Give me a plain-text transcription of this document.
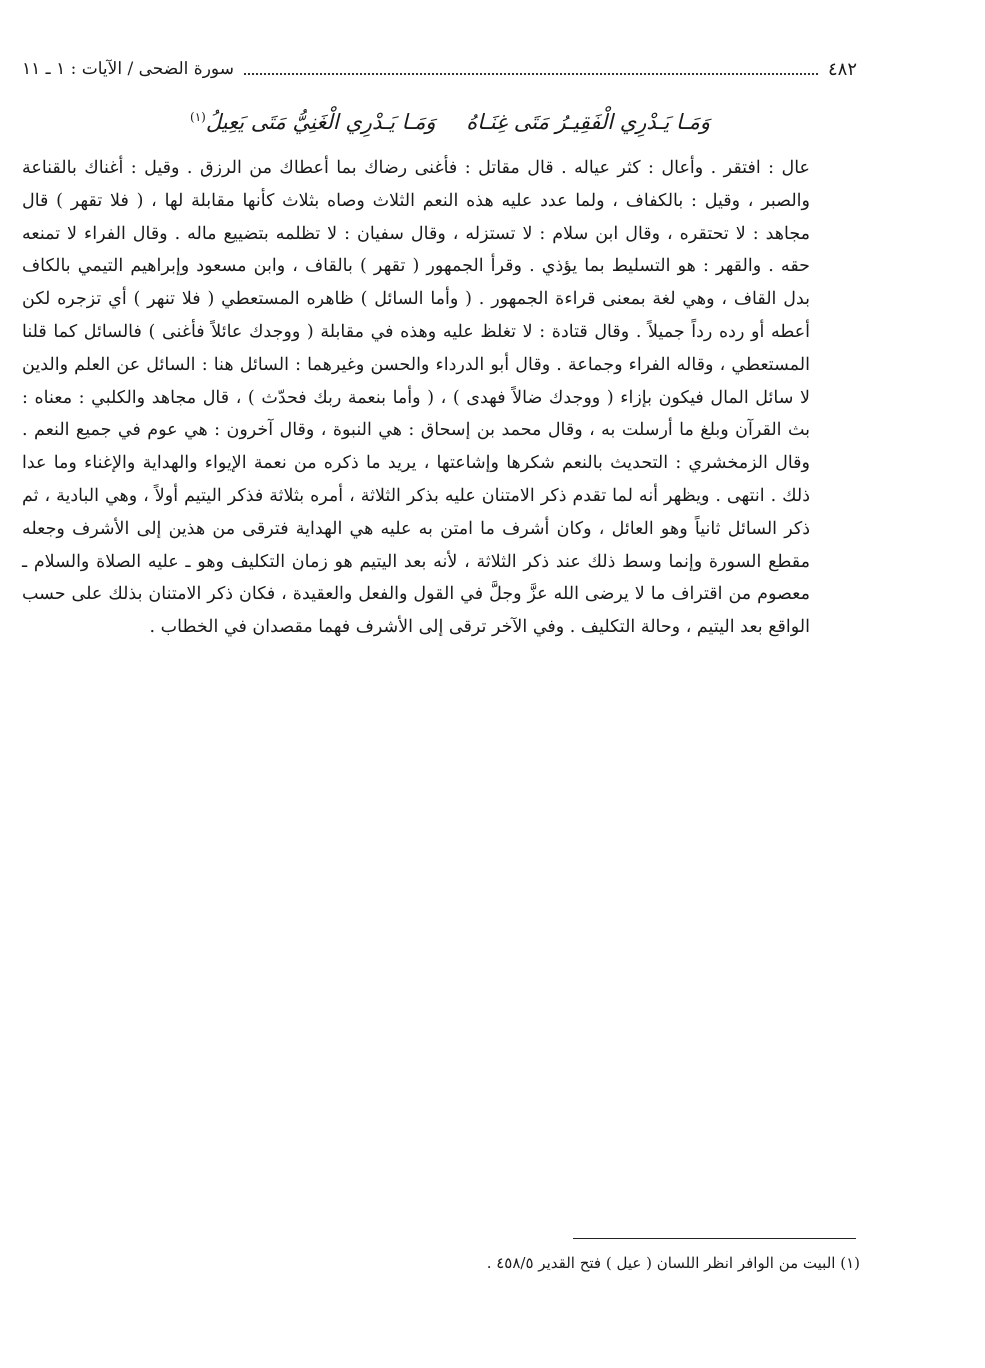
٤٨٢
سورة الضحى / الآيات : ١ ـ ١١
وَمَـا يَـدْرِي الْفَقِيـرُ مَتَى غِنَـاهُ
وَمَـا يَـدْرِي الْغَنِيُّ مَتَى يَعِيلُ$^{(١)}$

عال : افتقر . وأعال : كثر عياله . قال مقاتل : فأغنى رضاك بما أعطاك من الرزق . وقيل : أغناك بالقناعة والصبر ، وقيل : بالكفاف ، ولما عدد عليه هذه النعم الثلاث وصاه بثلاث كأنها مقابلة لها ، ( فلا تقهر ) قال مجاهد : لا تحتقره ، وقال ابن سلام : لا تستزله ، وقال سفيان : لا تظلمه بتضييع ماله . وقال الفراء لا تمنعه حقه . والقهر : هو التسليط بما يؤذي . وقرأ الجمهور ( تقهر ) بالقاف ، وابن مسعود وإبراهيم التيمي بالكاف بدل القاف ، وهي لغة بمعنى قراءة الجمهور . ( وأما السائل ) ظاهره المستعطي ( فلا تنهر ) أي تزجره لكن أعطه أو رده رداً جميلاً . وقال قتادة : لا تغلظ عليه وهذه في مقابلة ( ووجدك عائلاً فأغنى ) فالسائل كما قلنا المستعطي ، وقاله الفراء وجماعة . وقال أبو الدرداء والحسن وغيرهما : السائل هنا : السائل عن العلم والدين لا سائل المال فيكون بإزاء ( ووجدك ضالاً فهدى ) ، ( وأما بنعمة ربك فحدّث ) ، قال مجاهد والكلبي : معناه : بث القرآن وبلغ ما أرسلت به ، وقال محمد بن إسحاق : هي النبوة ، وقال آخرون : هي عوم في جميع النعم . وقال الزمخشري : التحديث بالنعم شكرها وإشاعتها ، يريد ما ذكره من نعمة الإيواء والهداية والإغناء وما عدا ذلك . انتهى . ويظهر أنه لما تقدم ذكر الامتنان عليه بذكر الثلاثة ، أمره بثلاثة فذكر اليتيم أولاً ، وهي البادية ، ثم ذكر السائل ثانياً وهو العائل ، وكان أشرف ما امتن به عليه هي الهداية فترقى من هذين إلى الأشرف وجعله مقطع السورة وإنما وسط ذلك عند ذكر الثلاثة ، لأنه بعد اليتيم هو زمان التكليف وهو ـ عليه الصلاة والسلام ـ معصوم من اقتراف ما لا يرضى الله عزَّ وجلَّ في القول والفعل والعقيدة ، فكان ذكر الامتنان بذلك على حسب الواقع بعد اليتيم ، وحالة التكليف . وفي الآخر ترقى إلى الأشرف فهما مقصدان في الخطاب .

(١) البيت من الوافر انظر اللسان ( عيل ) فتح القدير ٤٥٨/٥ .
